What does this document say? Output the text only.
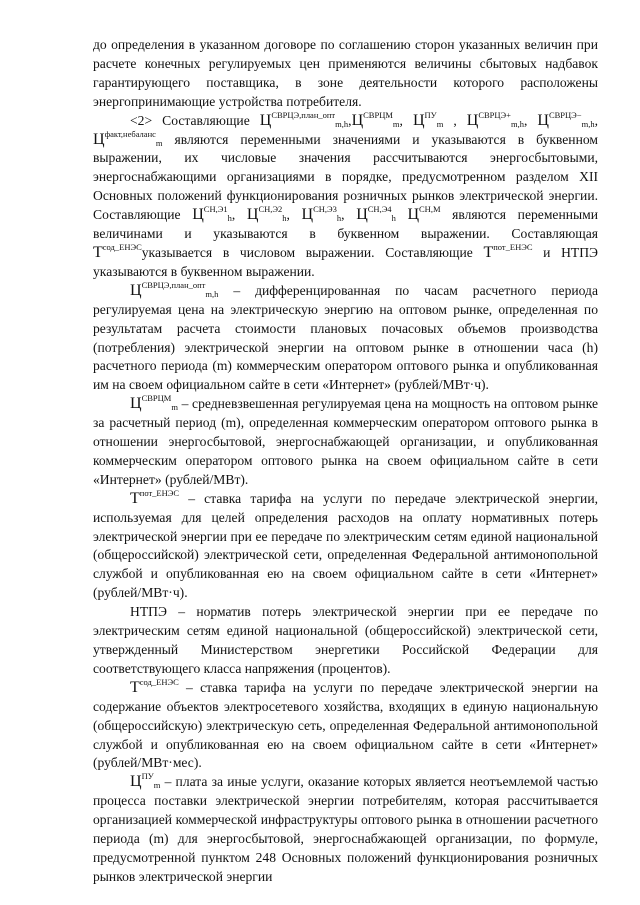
до определения в указанном договоре по соглашению сторон указанных величин при расчете конечных регулируемых цен применяются величины сбытовых надбавок гарантирующего поставщика, в зоне деятельности которого расположены энергопринимающие устройства потребителя.

<2> Составляющие $Ц^{СВРЦЭ,план\_опт}_{m,h},Ц^{СВРЦМ}_m$, $Ц^{ПУ}_m$ , $Ц^{СВРЦЭ+}_{m,h}$, $Ц^{СВРЦЭ-}_{m,h}$, $Ц^{факт,небаланс}_m$ являются переменными значениями и указываются в буквенном выражении, их числовые значения рассчитываются энергосбытовыми, энергоснабжающими организациями в порядке, предусмотренном разделом XII Основных положений функционирования розничных рынков электрической энергии. Составляющие $Ц^{СН,Э1}_h$, $Ц^{СН,Э2}_h$, $Ц^{СН,Э3}_h$, $Ц^{СН,Э4}_h$ $Ц^{СН,М}$ являются переменными величинами и указываются в буквенном выражении. Составляющая $Т^{сод\_ЕНЭС}указывается$ в числовом выражении. Составляющие $Т^{пот\_ЕНЭС}$ и НТПЭ указываются в буквенном выражении.

$Ц^{СВРЦЭ,план\_опт}_{m,h}$ – дифференцированная по часам расчетного периода регулируемая цена на электрическую энергию на оптовом рынке, определенная по результатам расчета стоимости плановых почасовых объемов производства (потребления) электрической энергии на оптовом рынке в отношении часа (h) расчетного периода (m) коммерческим оператором оптового рынка и опубликованная им на своем официальном сайте в сети «Интернет» (рублей/МВт·ч).

$Ц^{СВРЦМ}_m$ – средневзвешенная регулируемая цена на мощность на оптовом рынке за расчетный период (m), определенная коммерческим оператором оптового рынка в отношении энергосбытовой, энергоснабжающей организации, и опубликованная коммерческим оператором оптового рынка на своем официальном сайте в сети «Интернет» (рублей/МВт).

$Т^{пот\_ЕНЭС}$ – ставка тарифа на услуги по передаче электрической энергии, используемая для целей определения расходов на оплату нормативных потерь электрической энергии при ее передаче по электрическим сетям единой национальной (общероссийской) электрической сети, определенная Федеральной антимонопольной службой и опубликованная ею на своем официальном сайте в сети «Интернет» (рублей/МВт·ч).

НТПЭ – норматив потерь электрической энергии при ее передаче по электрическим сетям единой национальной (общероссийской) электрической сети, утвержденный Министерством энергетики Российской Федерации для соответствующего класса напряжения (процентов).

$Т^{сод\_ЕНЭС}$ – ставка тарифа на услуги по передаче электрической энергии на содержание объектов электросетевого хозяйства, входящих в единую национальную (общероссийскую) электрическую сеть, определенная Федеральной антимонопольной службой и опубликованная ею на своем официальном сайте в сети «Интернет» (рублей/МВт·мес).

$Ц^{ПУ}_m$ – плата за иные услуги, оказание которых является неотъемлемой частью процесса поставки электрической энергии потребителям, которая рассчитывается организацией коммерческой инфраструктуры оптового рынка в отношении расчетного периода (m) для энергосбытовой, энергоснабжающей организации, по формуле, предусмотренной пунктом 248 Основных положений функционирования розничных рынков электрической энергии
